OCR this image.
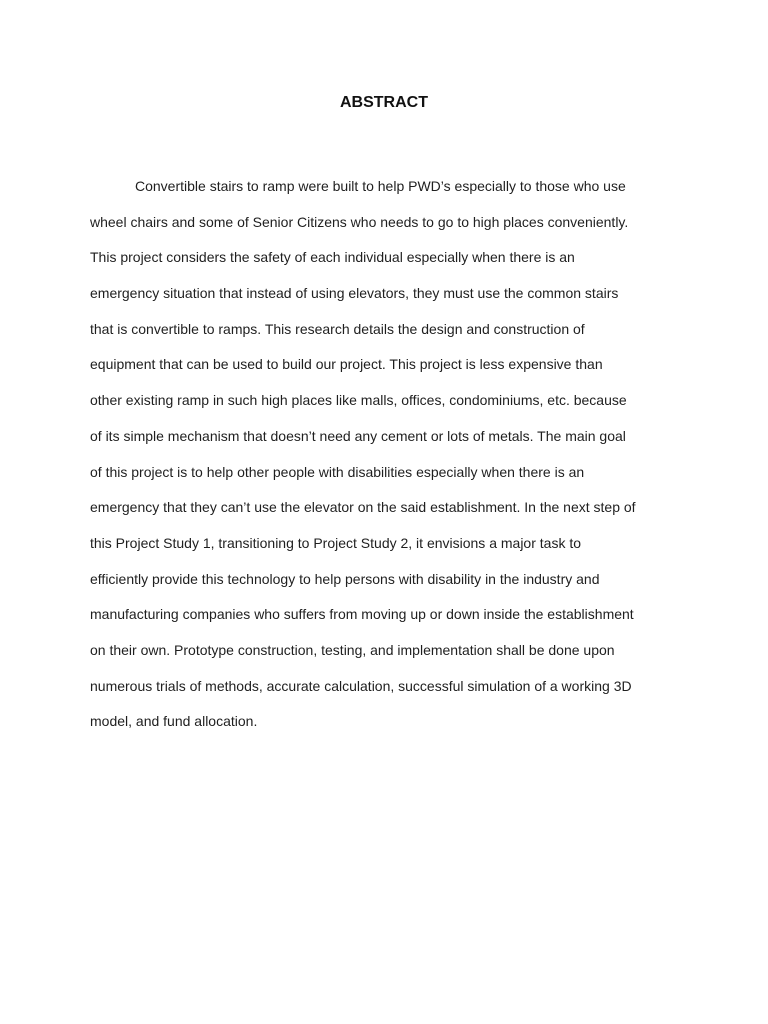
ABSTRACT
Convertible stairs to ramp were built to help PWD’s especially to those who use
wheel chairs and some of Senior Citizens who needs to go to high places conveniently.
This project considers the safety of each individual especially when there is an
emergency situation that instead of using elevators, they must use the common stairs
that is convertible to ramps. This research details the design and construction of
equipment that can be used to build our project. This project is less expensive than
other existing ramp in such high places like malls, offices, condominiums, etc. because
of its simple mechanism that doesn’t need any cement or lots of metals. The main goal
of this project is to help other people with disabilities especially when there is an
emergency that they can’t use the elevator on the said establishment. In the next step of
this Project Study 1, transitioning to Project Study 2, it envisions a major task to
efficiently provide this technology to help persons with disability in the industry and
manufacturing companies who suffers from moving up or down inside the establishment
on their own. Prototype construction, testing, and implementation shall be done upon
numerous trials of methods, accurate calculation, successful simulation of a working 3D
model, and fund allocation.
